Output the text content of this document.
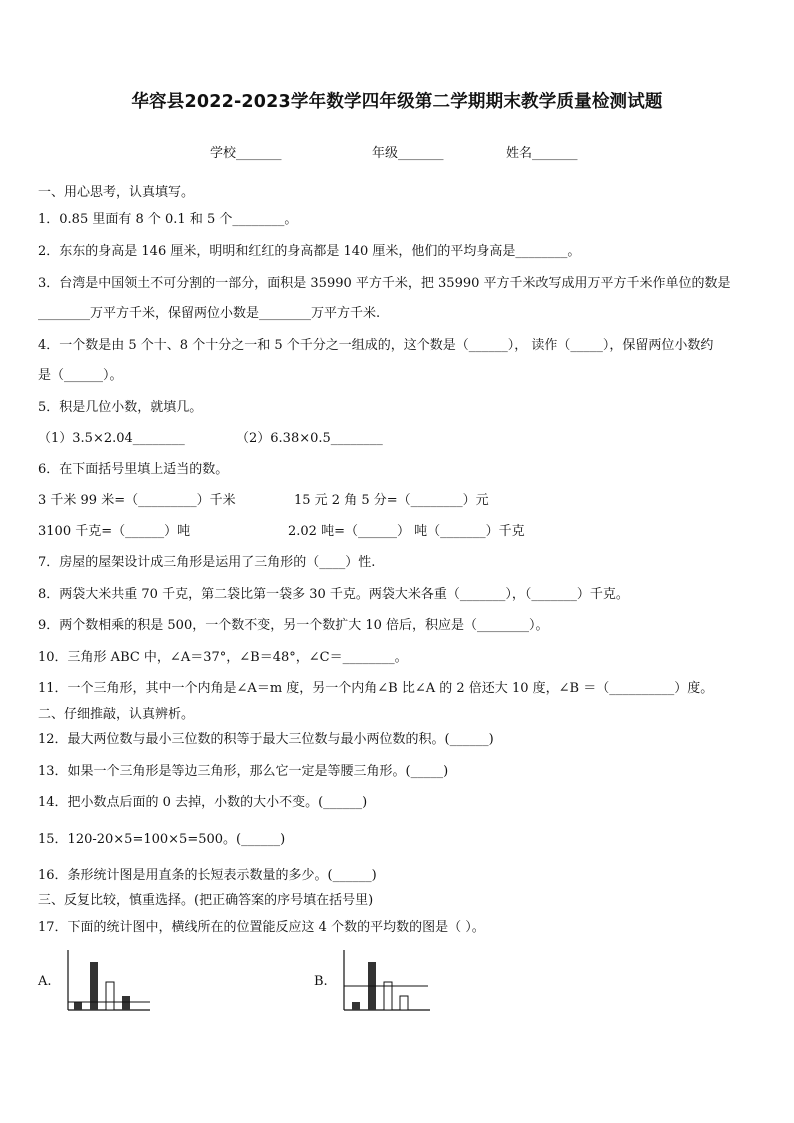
华容县2022-2023学年数学四年级第二学期期末教学质量检测试题
学校_______	年级_______	姓名_______
一、用心思考，认真填写。
1．0.85 里面有 8 个 0.1 和 5 个________。
2．东东的身高是 146 厘米，明明和红红的身高都是 140 厘米，他们的平均身高是________。
3．台湾是中国领土不可分割的一部分，面积是 35990 平方千米，把 35990 平方千米改写成用万平方千米作单位的数是
________万平方千米，保留两位小数是________万平方千米.
4．一个数是由 5 个十、8 个十分之一和 5 个千分之一组成的，这个数是（______）， 读作（_____），保留两位小数约
是（______）。
5．积是几位小数，就填几。
（1）3.5×2.04________	（2）6.38×0.5________
6．在下面括号里填上适当的数。
3 千米 99 米=（_________）千米	15 元 2 角 5 分=（________）元
3100 千克=（______）吨	2.02 吨=（______） 吨（_______）千克
7．房屋的屋架设计成三角形是运用了三角形的（____）性.
8．两袋大米共重 70 千克，第二袋比第一袋多 30 千克。两袋大米各重（_______），（_______）千克。
9．两个数相乘的积是 500，一个数不变，另一个数扩大 10 倍后，积应是（________）。
10．三角形 ABC 中，∠A＝37°，∠B＝48°，∠C＝________。
11．一个三角形，其中一个内角是∠A＝m 度，另一个内角∠B 比∠A 的 2 倍还大 10 度，∠B ＝（__________）度。
二、仔细推敲，认真辨析。
12．最大两位数与最小三位数的积等于最大三位数与最小两位数的积。(______)
13．如果一个三角形是等边三角形，那么它一定是等腰三角形。(_____)
14．把小数点后面的 0 去掉，小数的大小不变。(______)
15．120-20×5=100×5=500。(______)
16．条形统计图是用直条的长短表示数量的多少。(______)
三、反复比较，慎重选择。(把正确答案的序号填在括号里)
17．下面的统计图中，横线所在的位置能反应这 4 个数的平均数的图是（ ）。
A.	B.
